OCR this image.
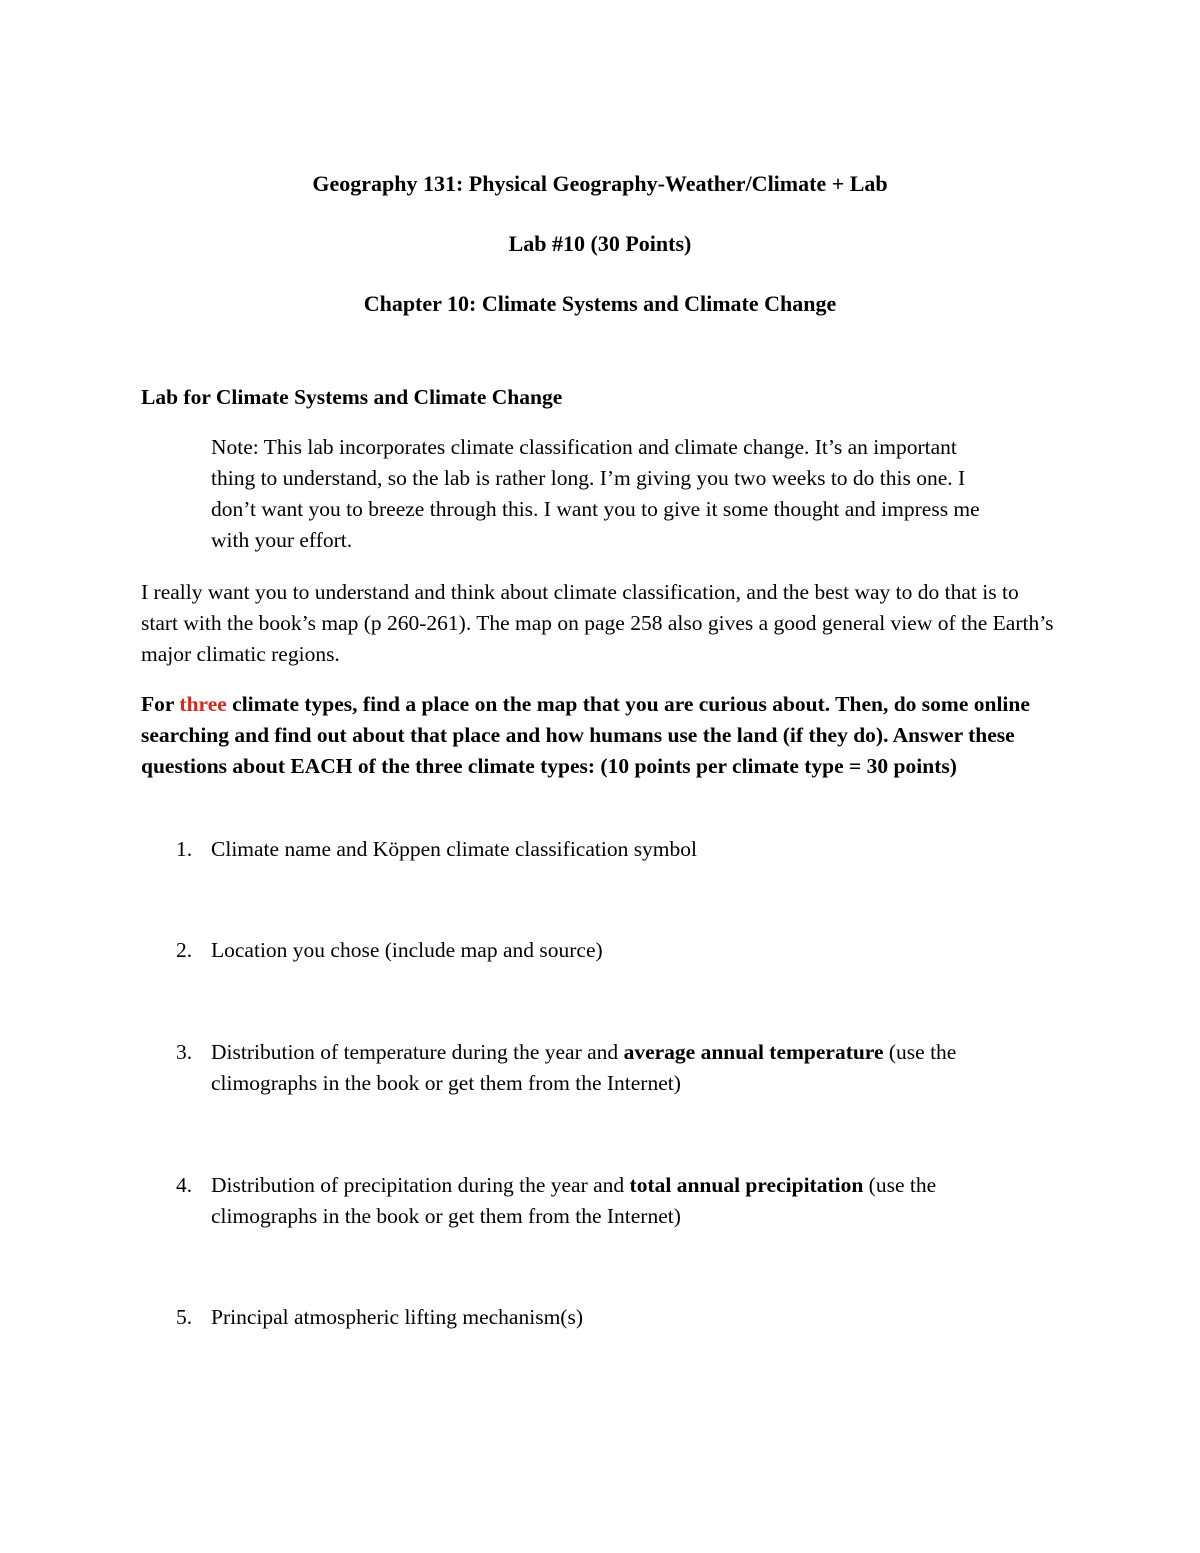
Geography 131: Physical Geography-Weather/Climate + Lab
Lab #10 (30 Points)
Chapter 10: Climate Systems and Climate Change
Lab for Climate Systems and Climate Change
Note: This lab incorporates climate classification and climate change. It’s an important thing to understand, so the lab is rather long. I’m giving you two weeks to do this one. I don’t want you to breeze through this. I want you to give it some thought and impress me with your effort.
I really want you to understand and think about climate classification, and the best way to do that is to start with the book’s map (p 260-261). The map on page 258 also gives a good general view of the Earth’s major climatic regions.
For three climate types, find a place on the map that you are curious about. Then, do some online searching and find out about that place and how humans use the land (if they do). Answer these questions about EACH of the three climate types: (10 points per climate type = 30 points)
1. Climate name and Köppen climate classification symbol
2. Location you chose (include map and source)
3. Distribution of temperature during the year and average annual temperature (use the climographs in the book or get them from the Internet)
4. Distribution of precipitation during the year and total annual precipitation (use the climographs in the book or get them from the Internet)
5. Principal atmospheric lifting mechanism(s)
